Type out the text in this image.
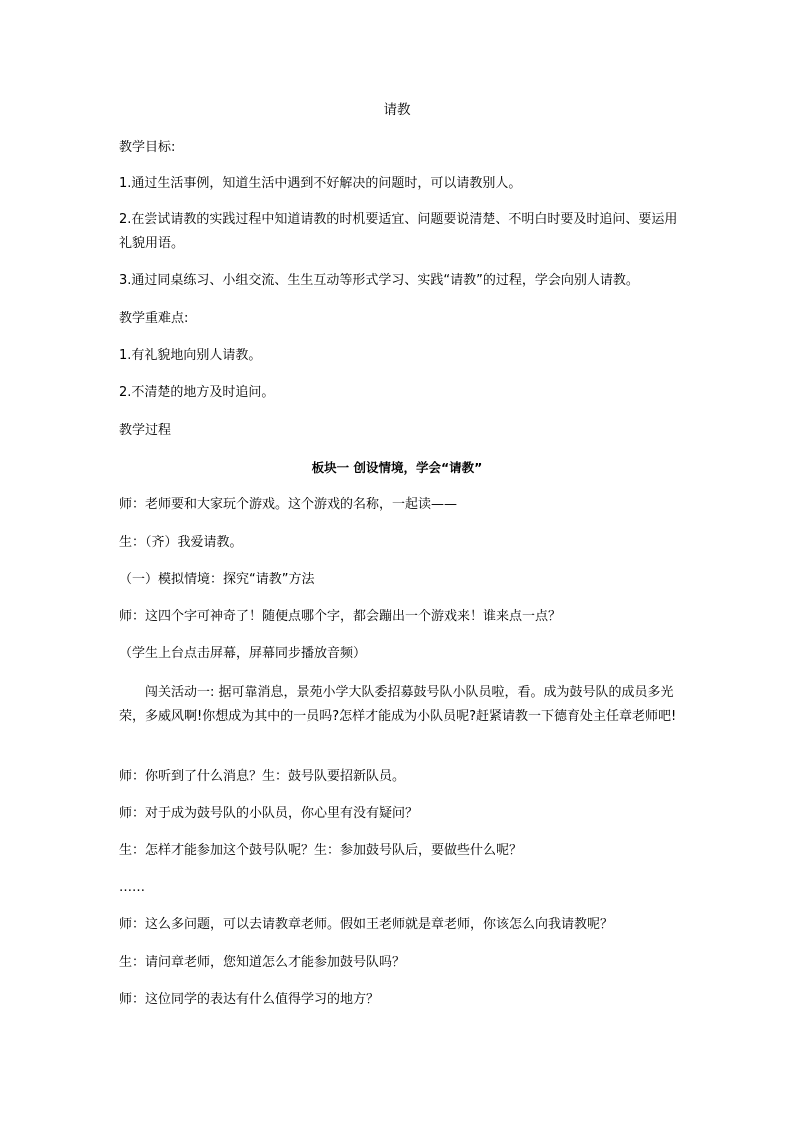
请教
教学目标:
1.通过生活事例，知道生活中遇到不好解决的问题时，可以请教别人。
2.在尝试请教的实践过程中知道请教的时机要适宜、问题要说清楚、不明白时要及时追问、要运用礼貌用语。
3.通过同桌练习、小组交流、生生互动等形式学习、实践“请教”的过程，学会向别人请教。
教学重难点:
1.有礼貌地向别人请教。
2.不清楚的地方及时追问。
教学过程
板块一 创设情境，学会“请教”
师：老师要和大家玩个游戏。这个游戏的名称，一起读——
生：（齐）我爱请教。
（一）模拟情境：探究“请教”方法
师：这四个字可神奇了！随便点哪个字，都会蹦出一个游戏来！谁来点一点？
（学生上台点击屏幕，屏幕同步播放音频）
闯关活动一: 据可靠消息，景苑小学大队委招募鼓号队小队员啦，看。成为鼓号队的成员多光荣，多威风啊!你想成为其中的一员吗?怎样才能成为小队员呢?赶紧请教一下德育处主任章老师吧!
师：你听到了什么消息？生：鼓号队要招新队员。
师：对于成为鼓号队的小队员，你心里有没有疑问？
生：怎样才能参加这个鼓号队呢？生：参加鼓号队后，要做些什么呢？
……
师：这么多问题，可以去请教章老师。假如王老师就是章老师，你该怎么向我请教呢？
生：请问章老师，您知道怎么才能参加鼓号队吗？
师：这位同学的表达有什么值得学习的地方？
